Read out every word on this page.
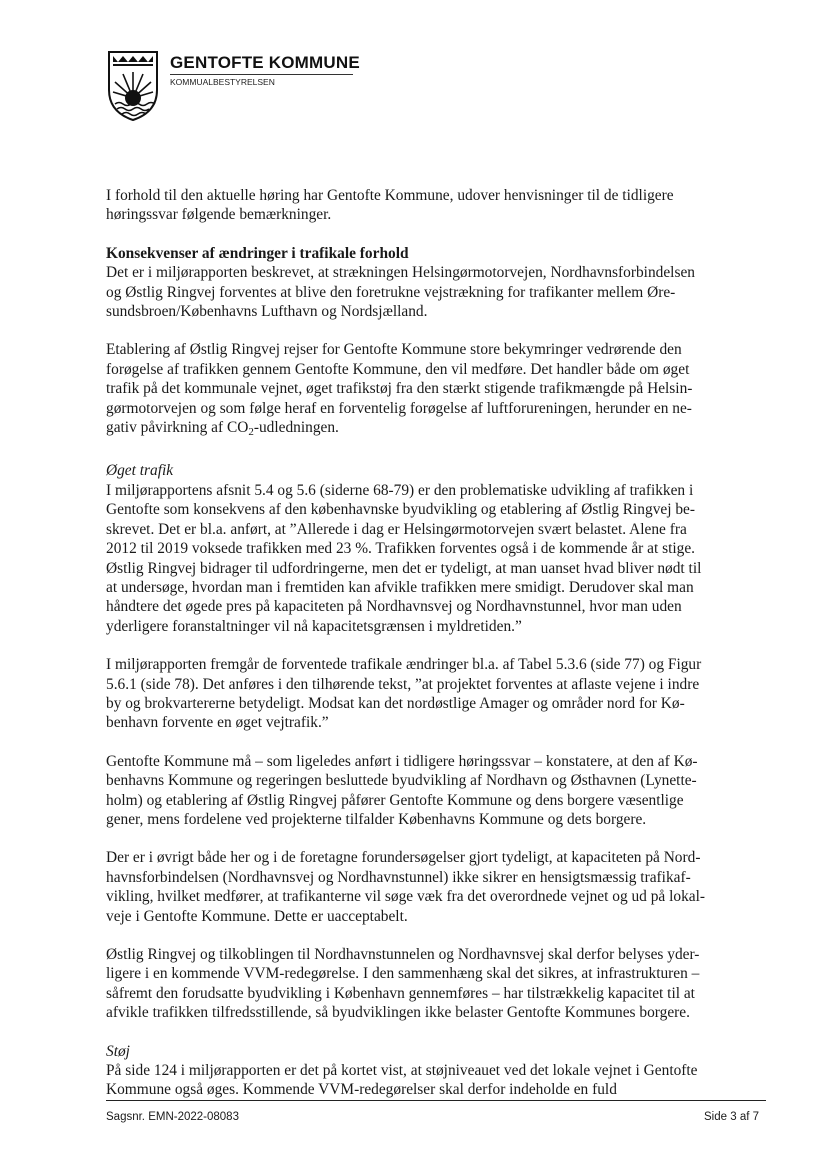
GENTOFTE KOMMUNE
KOMMUALBESTYRELSEN

I forhold til den aktuelle høring har Gentofte Kommune, udover henvisninger til de tidligere
høringssvar følgende bemærkninger.

Konsekvenser af ændringer i trafikale forhold

Det er i miljørapporten beskrevet, at strækningen Helsingørmotorvejen, Nordhavnsforbindelsen
og Østlig Ringvej forventes at blive den foretrukne vejstrækning for trafikanter mellem Øre-
sundsbroen/Københavns Lufthavn og Nordsjælland.

Etablering af Østlig Ringvej rejser for Gentofte Kommune store bekymringer vedrørende den
forøgelse af trafikken gennem Gentofte Kommune, den vil medføre. Det handler både om øget
trafik på det kommunale vejnet, øget trafikstøj fra den stærkt stigende trafikmængde på Helsin-
gørmotorvejen og som følge heraf en forventelig forøgelse af luftforureningen, herunder en ne-
gativ påvirkning af $CO_2$-udledningen.

Øget trafik

I miljørapportens afsnit 5.4 og 5.6 (siderne 68-79) er den problematiske udvikling af trafikken i
Gentofte som konsekvens af den københavnske byudvikling og etablering af Østlig Ringvej be-
skrevet. Det er bl.a. anført, at ”Allerede i dag er Helsingørmotorvejen svært belastet. Alene fra
2012 til 2019 voksede trafikken med 23 %. Trafikken forventes også i de kommende år at stige.
Østlig Ringvej bidrager til udfordringerne, men det er tydeligt, at man uanset hvad bliver nødt til
at undersøge, hvordan man i fremtiden kan afvikle trafikken mere smidigt. Derudover skal man
håndtere det øgede pres på kapaciteten på Nordhavnsvej og Nordhavnstunnel, hvor man uden
yderligere foranstaltninger vil nå kapacitetsgrænsen i myldretiden.”

I miljørapporten fremgår de forventede trafikale ændringer bl.a. af Tabel 5.3.6 (side 77) og Figur
5.6.1 (side 78). Det anføres i den tilhørende tekst, ”at projektet forventes at aflaste vejene i indre
by og brokvartererne betydeligt. Modsat kan det nordøstlige Amager og områder nord for Kø-
benhavn forvente en øget vejtrafik.”

Gentofte Kommune må – som ligeledes anført i tidligere høringssvar – konstatere, at den af Kø-
benhavns Kommune og regeringen besluttede byudvikling af Nordhavn og Østhavnen (Lynette-
holm) og etablering af Østlig Ringvej påfører Gentofte Kommune og dens borgere væsentlige
gener, mens fordelene ved projekterne tilfalder Københavns Kommune og dets borgere.

Der er i øvrigt både her og i de foretagne forundersøgelser gjort tydeligt, at kapaciteten på Nord-
havnsforbindelsen (Nordhavnsvej og Nordhavnstunnel) ikke sikrer en hensigtsmæssig trafikaf-
vikling, hvilket medfører, at trafikanterne vil søge væk fra det overordnede vejnet og ud på lokal-
veje i Gentofte Kommune. Dette er uacceptabelt.

Østlig Ringvej og tilkoblingen til Nordhavnstunnelen og Nordhavnsvej skal derfor belyses yder-
ligere i en kommende VVM-redegørelse. I den sammenhæng skal det sikres, at infrastrukturen –
såfremt den forudsatte byudvikling i København gennemføres – har tilstrækkelig kapacitet til at
afvikle trafikken tilfredsstillende, så byudviklingen ikke belaster Gentofte Kommunes borgere.

Støj

På side 124 i miljørapporten er det på kortet vist, at støjniveauet ved det lokale vejnet i Gentofte
Kommune også øges. Kommende VVM-redegørelser skal derfor indeholde en fuld

Sagsnr. EMN-2022-08083	Side 3 af 7
